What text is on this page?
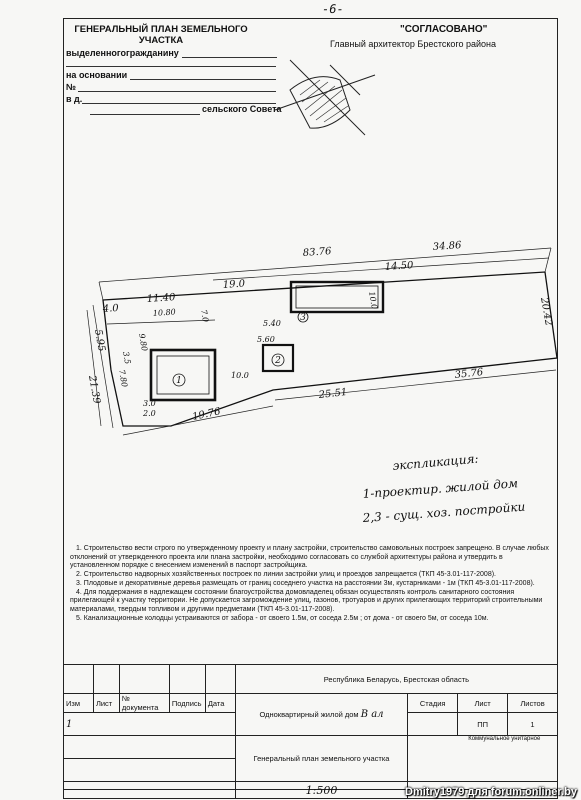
-6-
ГЕНЕРАЛЬНЫЙ ПЛАН ЗЕМЕЛЬНОГО
УЧАСТКА
"СОГЛАСОВАНО"
Главный архитектор Брестского района
выделенногогражданину
на основании
№
в д.
сельского Совета
83.76	34.86
14.50
19.0
4.0
11.40	20.42
10.0
35.76
25.51
19.76
5.95
21.39 7.80
3.5
10.80
9.80
7.0
5.40
10.0
5.60
2.0
3.0
1
2
3
экспликация:
1-проектир. жилой дом
2,3 - сущ. хоз. постройки

1. Строительство вести строго по утвержденному проекту и плану застройки, строительство самовольных построек запрещено. В случае любых отклонений от утвержденного проекта или плана застройки, необходимо согласовать со службой архитектуры района и утвердить в установленном порядке с внесением изменений в паспорт застройщика.

2. Строительство надворных хозяйственных построек по линии застройки улиц и проездов запрещается (ТКП 45-3.01-117-2008).

3. Плодовые и декоративные деревья размещать от границ соседнего участка на расстоянии 3м, кустарниками - 1м (ТКП 45-3.01-117-2008).

4. Для поддержания в надлежащем состоянии благоустройства домовладелец обязан осуществлять контроль санитарного состояния прилегающей к участку территории. Не допускается загромождение улиц, газонов, тротуаров и других прилегающих территорий строительными материалами, твердым топливом и другими предметами (ТКП 45-3.01-117-2008).

5. Канализационные колодцы устраиваются от забора - от своего 1.5м, от соседа 2.5м ; от дома - от своего 5м, от соседа 10м.

					Республика Беларусь, Брестская область			
Изм	Лист	№ документа	Подпись	Дата	Одноквартирный жилой дом В ал	Стадия	Лист	Листов
1							ПП	1
					Генеральный план земельного участка	Коммунальное унитарное		

					1:500				Dmitry1979 для forum.onliner.by
